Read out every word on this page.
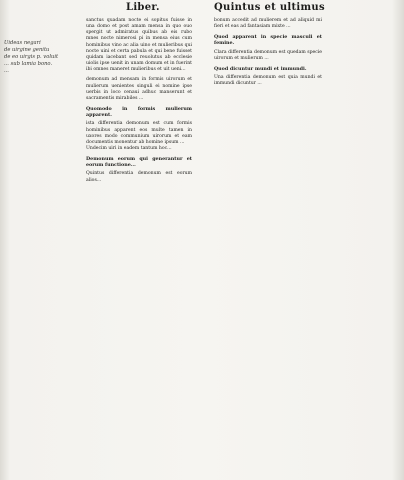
Liber.	Quintus et ultimus
Uideas negari
de uirgine genitu
de eo uirgis p. voluit
... sub lamia bono.
...

sanctus quadam nocte ei sopitus fuisse in una domo et post amam mensa in quo ouo spergit ut admiratus quibus ab eis rubo mnes nocte nimerosi pi in mensa eius cum hominibus vino ac alia uino et mulieribus qui nocte uini et certa pabula et qui bene fuisset quidam iacebant sed reuolutus ab ecclesie uiolis ipse uenit in unam domum et in fuerint ibi omnes maneret mulieribus et uit ueni...

demonum ad mensam in formis uirorum et mulierum uenientes singuli ei nomine ipse uerbis in loco cenaui adhuc manserunt et sacramentis mirabiles ...

Quomodo in formis mulierum apparent.

ista differentia demonum est cum formis hominibus apparent eos multe tamen in uxores modo communium uirorum et eam documentis monentur ab homine ipsum ...

Undecim uiri in eadem tantum hoc...

Demonum eorum qui generantur et eorum functione...

Quintus differentia demonum est eorum alios...

bonum accedit ad mulierem et ad aliquid mi fieri et eas ad fantasiam mixte ...

Quod apparent in specie masculi et femine.

Clara differentia demonum est quedam specie uirorum et mulierum ...

Quod dicuntur mundi et immundi.

Una differentia demonum est quia mundi et immundi dicuntur ...
